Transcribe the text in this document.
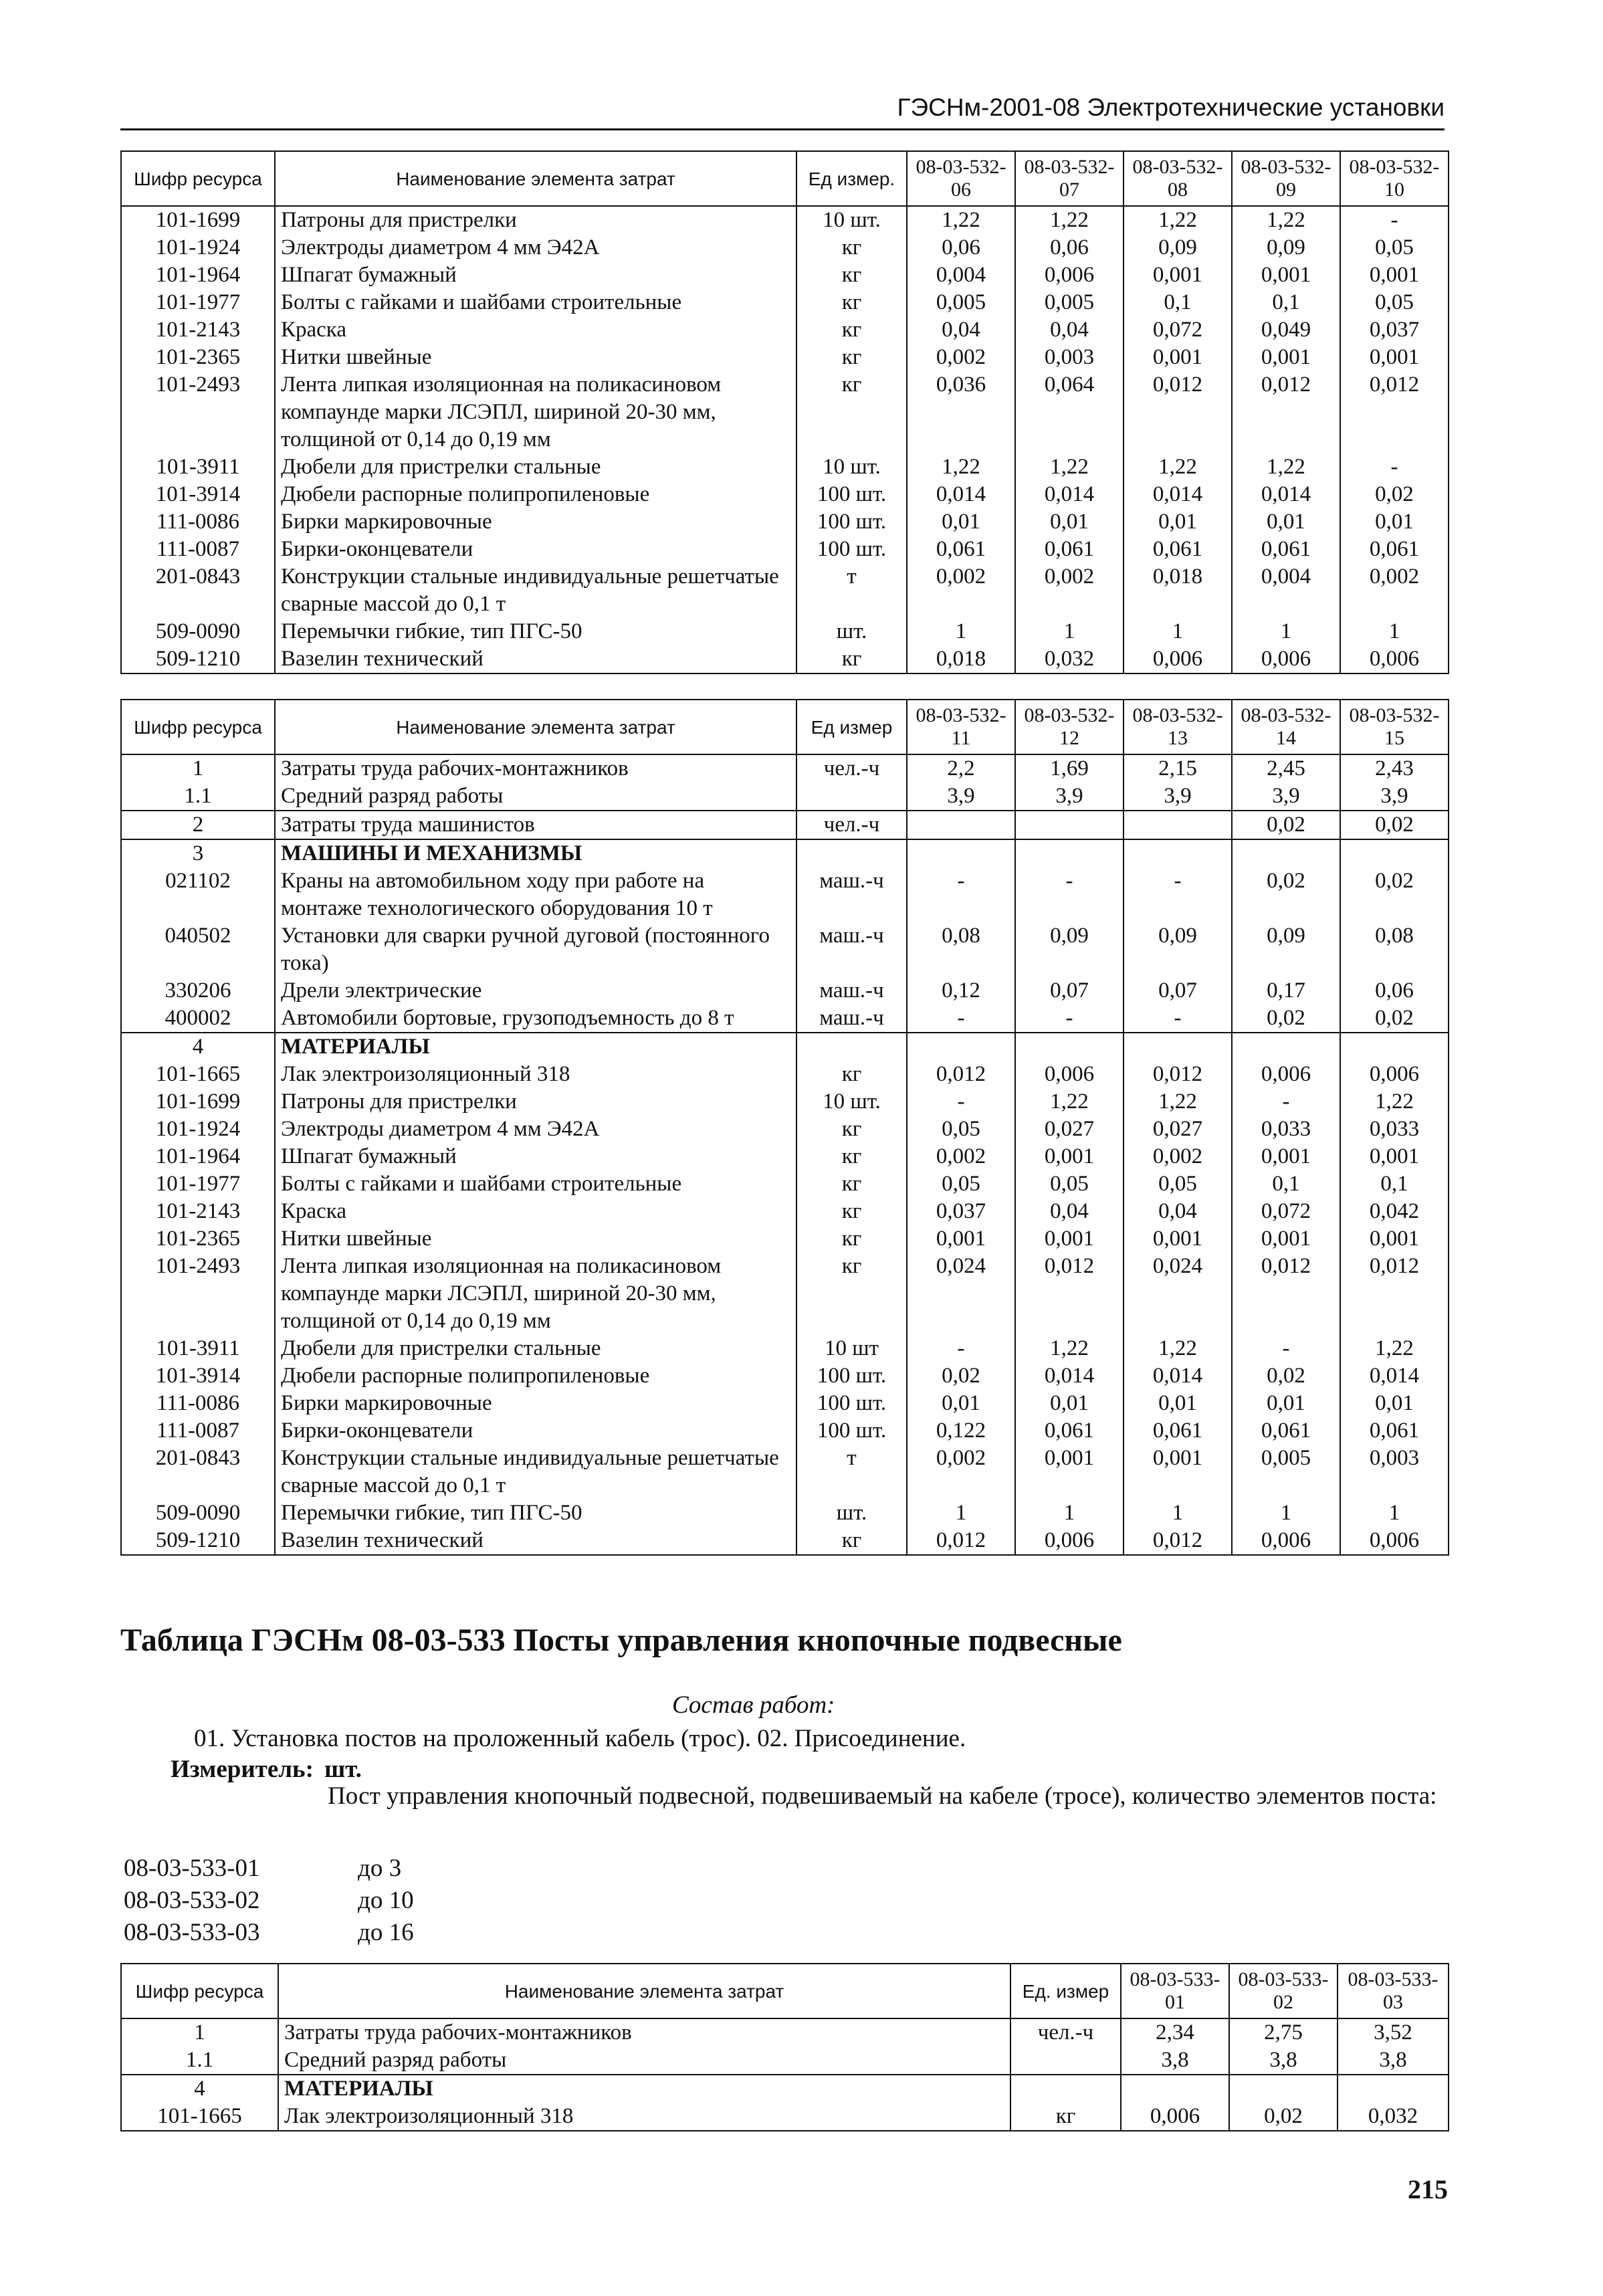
ГЭСНм-2001-08 Электротехнические установки
Шифр ресурса	Наименование элемента затрат	Ед измер.	08-03-532-06	08-03-532-07	08-03-532-08	08-03-532-09	08-03-532-10
101-1699	Патроны для пристрелки	10 шт.	1,22	1,22	1,22	1,22	-
101-1924	Электроды диаметром 4 мм Э42А	кг	0,06	0,06	0,09	0,09	0,05
101-1964	Шпагат бумажный	кг	0,004	0,006	0,001	0,001	0,001
101-1977	Болты с гайками и шайбами строительные	кг	0,005	0,005	0,1	0,1	0,05
101-2143	Краска	кг	0,04	0,04	0,072	0,049	0,037
101-2365	Нитки швейные	кг	0,002	0,003	0,001	0,001	0,001
101-2493	Лента липкая изоляционная на поликасиновом компаунде марки ЛСЭПЛ, шириной 20-30 мм, толщиной от 0,14 до 0,19 мм	кг	0,036	0,064	0,012	0,012	0,012
101-3911	Дюбели для пристрелки стальные	10 шт.	1,22	1,22	1,22	1,22	-
101-3914	Дюбели распорные полипропиленовые	100 шт.	0,014	0,014	0,014	0,014	0,02
111-0086	Бирки маркировочные	100 шт.	0,01	0,01	0,01	0,01	0,01
111-0087	Бирки-оконцеватели	100 шт.	0,061	0,061	0,061	0,061	0,061
201-0843	Конструкции стальные индивидуальные решетчатые сварные массой до 0,1 т	т	0,002	0,002	0,018	0,004	0,002
509-0090	Перемычки гибкие, тип ПГС-50	шт.	1	1	1	1	1
509-1210	Вазелин технический	кг	0,018	0,032	0,006	0,006	0,006
Шифр ресурса	Наименование элемента затрат	Ед измер	08-03-532-11	08-03-532-12	08-03-532-13	08-03-532-14	08-03-532-15
1	Затраты труда рабочих-монтажников	чел.-ч	2,2	1,69	2,15	2,45	2,43
1.1	Средний разряд работы		3,9	3,9	3,9	3,9	3,9
2	Затраты труда машинистов	чел.-ч				0,02	0,02
3	МАШИНЫ И МЕХАНИЗМЫ						
021102	Краны на автомобильном ходу при работе на монтаже технологического оборудования 10 т	маш.-ч	-	-	-	0,02	0,02
040502	Установки для сварки ручной дуговой (постоянного тока)	маш.-ч	0,08	0,09	0,09	0,09	0,08
330206	Дрели электрические	маш.-ч	0,12	0,07	0,07	0,17	0,06
400002	Автомобили бортовые, грузоподъемность до 8 т	маш.-ч	-	-	-	0,02	0,02
4	МАТЕРИАЛЫ						
101-1665	Лак электроизоляционный 318	кг	0,012	0,006	0,012	0,006	0,006
101-1699	Патроны для пристрелки	10 шт.	-	1,22	1,22	-	1,22
101-1924	Электроды диаметром 4 мм Э42А	кг	0,05	0,027	0,027	0,033	0,033
101-1964	Шпагат бумажный	кг	0,002	0,001	0,002	0,001	0,001
101-1977	Болты с гайками и шайбами строительные	кг	0,05	0,05	0,05	0,1	0,1
101-2143	Краска	кг	0,037	0,04	0,04	0,072	0,042
101-2365	Нитки швейные	кг	0,001	0,001	0,001	0,001	0,001
101-2493	Лента липкая изоляционная на поликасиновом компаунде марки ЛСЭПЛ, шириной 20-30 мм, толщиной от 0,14 до 0,19 мм	кг	0,024	0,012	0,024	0,012	0,012
101-3911	Дюбели для пристрелки стальные	10 шт	-	1,22	1,22	-	1,22
101-3914	Дюбели распорные полипропиленовые	100 шт.	0,02	0,014	0,014	0,02	0,014
111-0086	Бирки маркировочные	100 шт.	0,01	0,01	0,01	0,01	0,01
111-0087	Бирки-оконцеватели	100 шт.	0,122	0,061	0,061	0,061	0,061
201-0843	Конструкции стальные индивидуальные решетчатые сварные массой до 0,1 т	т	0,002	0,001	0,001	0,005	0,003
509-0090	Перемычки гибкие, тип ПГС-50	шт.	1	1	1	1	1
509-1210	Вазелин технический	кг	0,012	0,006	0,012	0,006	0,006
Таблица ГЭСНм 08-03-533 Посты управления кнопочные подвесные
Состав работ:
01. Установка постов на проложенный кабель (трос). 02. Присоединение.
Измеритель: шт.
Пост управления кнопочный подвесной, подвешиваемый на кабеле (тросе), количество элементов поста:
08-03-533-01	до 3
08-03-533-02	до 10
08-03-533-03	до 16
Шифр ресурса	Наименование элемента затрат	Ед. измер	08-03-533-01	08-03-533-02	08-03-533-03
1	Затраты труда рабочих-монтажников	чел.-ч	2,34	2,75	3,52
1.1	Средний разряд работы		3,8	3,8	3,8
4	МАТЕРИАЛЫ				
101-1665	Лак электроизоляционный 318	кг	0,006	0,02	0,032
215
